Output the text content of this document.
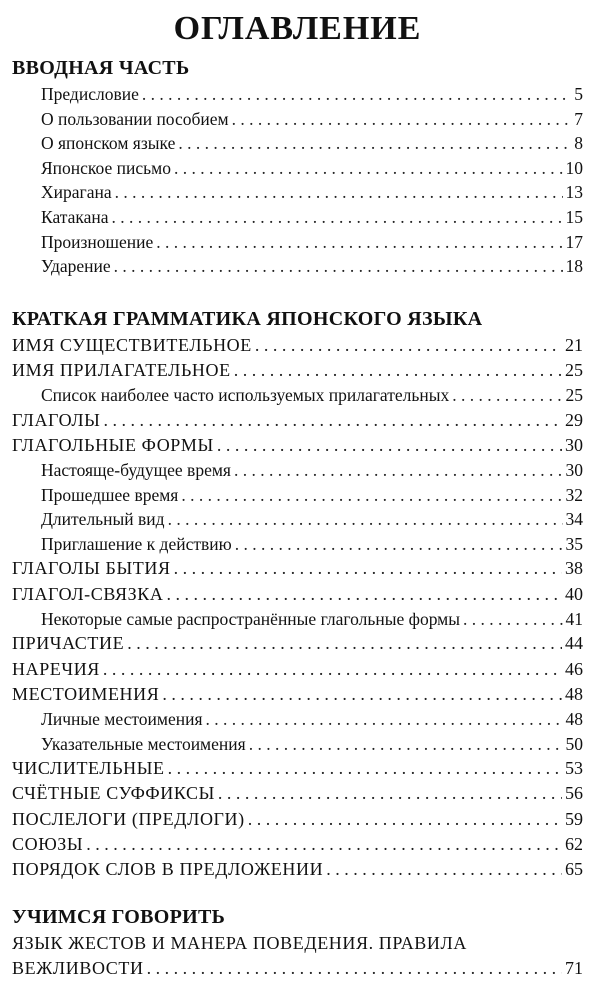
ОГЛАВЛЕНИЕ
ВВОДНАЯ ЧАСТЬ
Предисловие . . .	5
О пользовании пособием . . .	7
О японском языке . . .	8
Японское письмо . . .	10
Хирагана . . .	13
Катакана . . .	15
Произношение . . .	17
Ударение . . .	18
КРАТКАЯ ГРАММАТИКА ЯПОНСКОГО ЯЗЫКА
ИМЯ СУЩЕСТВИТЕЛЬНОЕ . . .	21
ИМЯ ПРИЛАГАТЕЛЬНОЕ . . .	25
Список наиболее часто используемых прилагательных . . .	25
ГЛАГОЛЫ . . .	29
ГЛАГОЛЬНЫЕ ФОРМЫ . . .	30
Настояще-будущее время . . .	30
Прошедшее время . . .	32
Длительный вид . . .	34
Приглашение к действию . . .	35
ГЛАГОЛЫ БЫТИЯ . . .	38
ГЛАГОЛ-СВЯЗКА . . .	40
Некоторые самые распространённые глагольные формы . . .	41
ПРИЧАСТИЕ . . .	44
НАРЕЧИЯ . . .	46
МЕСТОИМЕНИЯ . . .	48
Личные местоимения . . .	48
Указательные местоимения . . .	50
ЧИСЛИТЕЛЬНЫЕ . . .	53
СЧЁТНЫЕ СУФФИКСЫ . . .	56
ПОСЛЕЛОГИ (ПРЕДЛОГИ) . . .	59
СОЮЗЫ . . .	62
ПОРЯДОК СЛОВ В ПРЕДЛОЖЕНИИ . . .	65
УЧИМСЯ ГОВОРИТЬ
ЯЗЫК ЖЕСТОВ И МАНЕРА ПОВЕДЕНИЯ. ПРАВИЛА
ВЕЖЛИВОСТИ . . .	71
